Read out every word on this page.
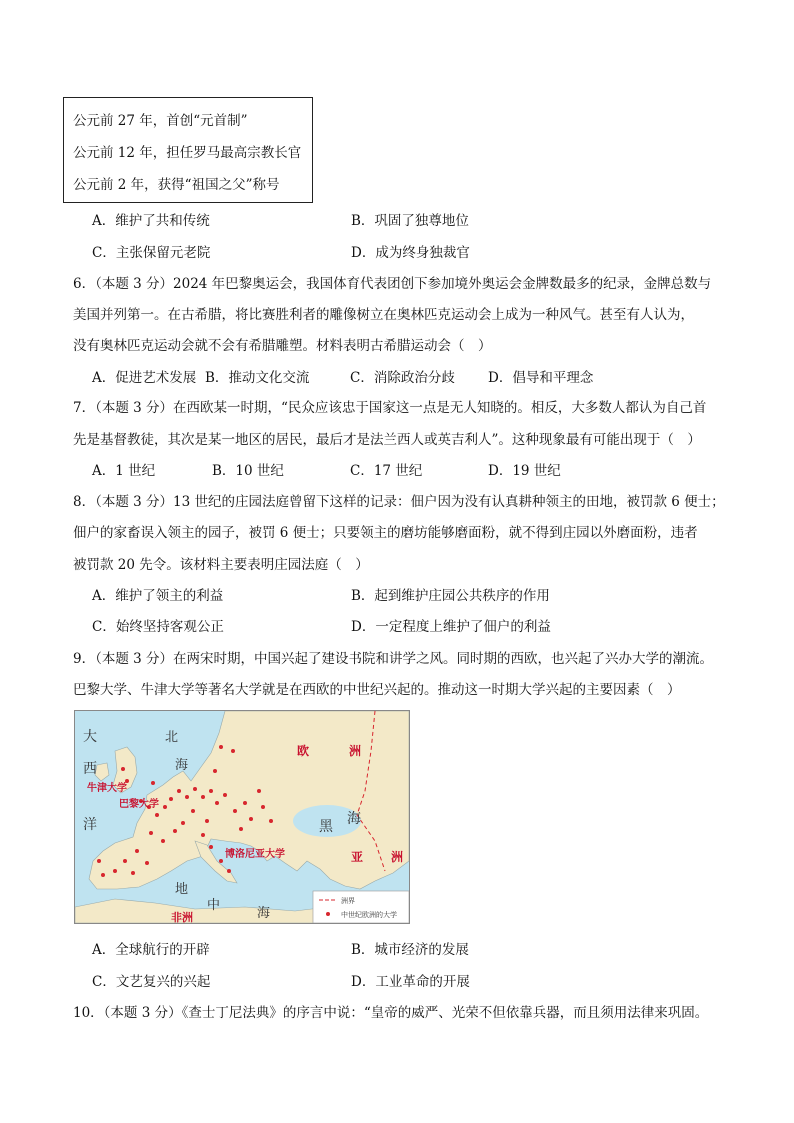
公元前 27 年，首创“元首制”
公元前 12 年，担任罗马最高宗教长官
公元前 2 年，获得“祖国之父”称号
A．维护了共和传统	B．巩固了独尊地位
C．主张保留元老院	D．成为终身独裁官
6．（本题 3 分）2024 年巴黎奥运会，我国体育代表团创下参加境外奥运会金牌数最多的纪录，金牌总数与
美国并列第一。在古希腊，将比赛胜利者的雕像树立在奥林匹克运动会上成为一种风气。甚至有人认为，
没有奥林匹克运动会就不会有希腊雕塑。材料表明古希腊运动会（　）
A．促进艺术发展 B．推动文化交流	C．消除政治分歧 D．倡导和平理念
7．（本题 3 分）在西欧某一时期，“民众应该忠于国家这一点是无人知晓的。相反，大多数人都认为自己首
先是基督教徒，其次是某一地区的居民，最后才是法兰西人或英吉利人”。这种现象最有可能出现于（　）
A．1 世纪	B．10 世纪	C．17 世纪	D．19 世纪
8．（本题 3 分）13 世纪的庄园法庭曾留下这样的记录：佃户因为没有认真耕种领主的田地，被罚款 6 便士；
佃户的家畜误入领主的园子，被罚 6 便士；只要领主的磨坊能够磨面粉，就不得到庄园以外磨面粉，违者
被罚款 20 先令。该材料主要表明庄园法庭（　）
A．维护了领主的利益	B．起到维护庄园公共秩序的作用
C．始终坚持客观公正	D．一定程度上维护了佃户的利益
9．（本题 3 分）在两宋时期，中国兴起了建设书院和讲学之风。同时期的西欧，也兴起了兴办大学的潮流。
巴黎大学、牛津大学等著名大学就是在西欧的中世纪兴起的。推动这一时期大学兴起的主要因素（　）
大
西
洋
北
海
欧	洲
黑 海
亚 洲
地
中
海
非洲
牛津大学
巴黎大学
博洛尼亚大学
洲界
中世纪欧洲的大学
A．全球航行的开辟	B．城市经济的发展
C．文艺复兴的兴起	D．工业革命的开展
10．（本题 3 分）《查士丁尼法典》的序言中说：“皇帝的威严、光荣不但依靠兵器，而且须用法律来巩固。
